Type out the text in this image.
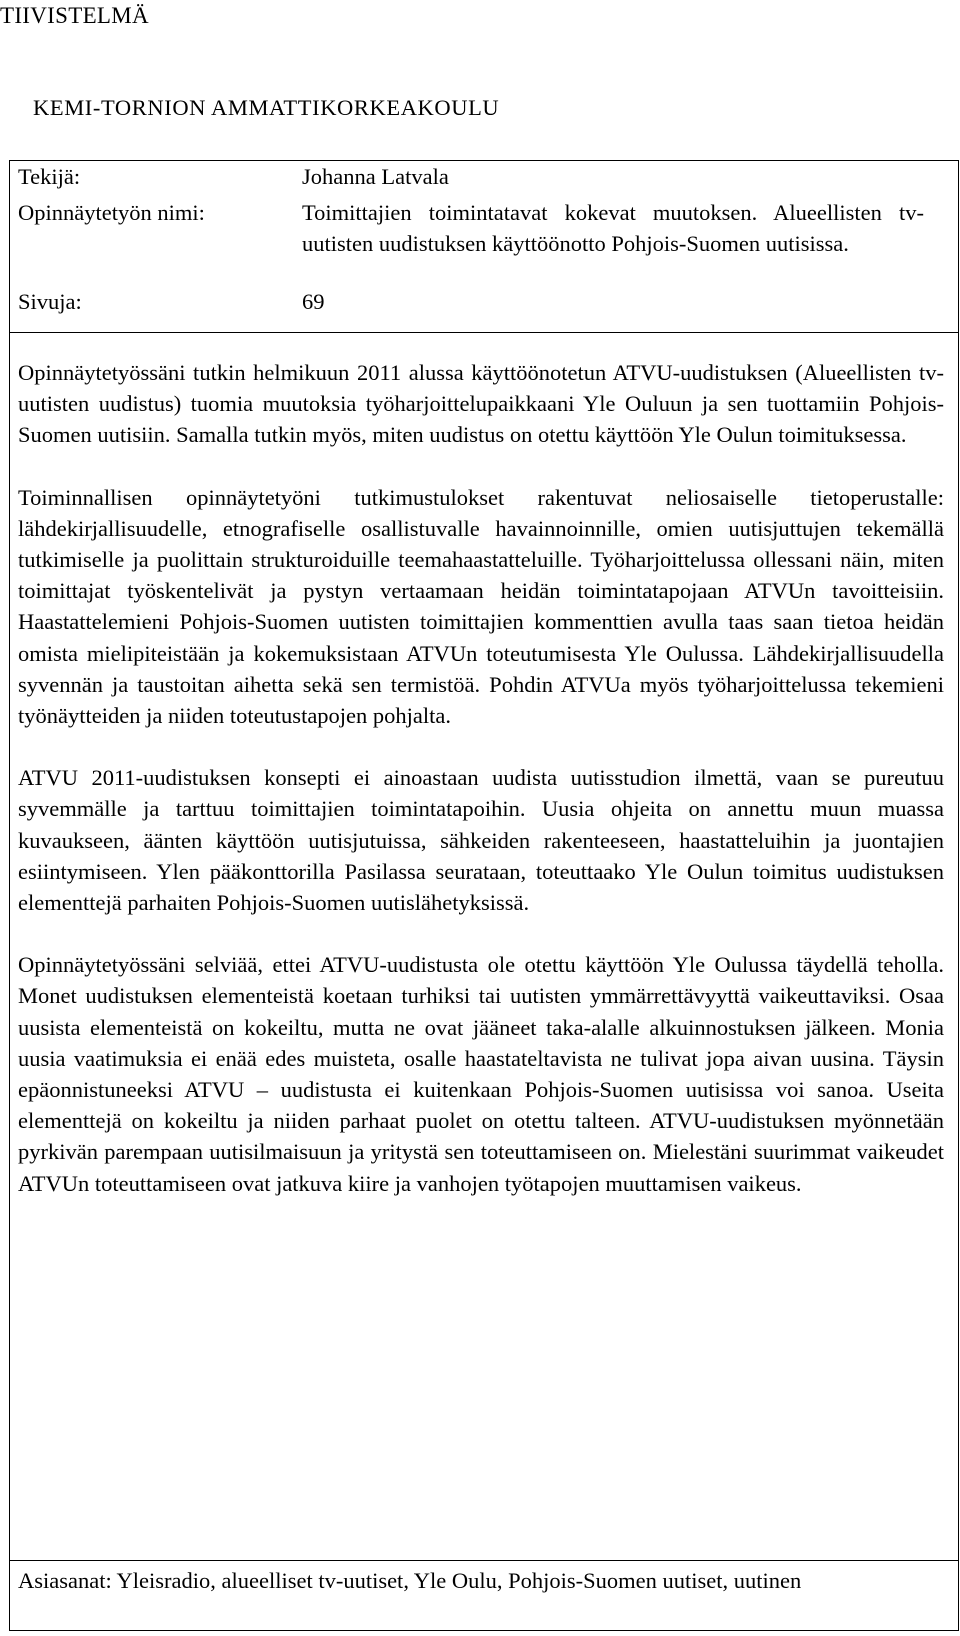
TIIVISTELMÄ
KEMI-TORNION AMMATTIKORKEAKOULU
Tekijä:	Johanna Latvala
Opinnäytetyön nimi:	Toimittajien toimintatavat kokevat muutoksen. Alueellisten tv-uutisten uudistuksen käyttöönotto Pohjois-Suomen uutisissa.
Sivuja:	69

Opinnäytetyössäni tutkin helmikuun 2011 alussa käyttöönotetun ATVU-uudistuksen (Alueellisten tv-uutisten uudistus) tuomia muutoksia työharjoittelupaikkaani Yle Ouluun ja sen tuottamiin Pohjois-Suomen uutisiin. Samalla tutkin myös, miten uudistus on otettu käyttöön Yle Oulun toimituksessa.

Toiminnallisen opinnäytetyöni tutkimustulokset rakentuvat neliosaiselle tietoperustalle: lähdekirjallisuudelle, etnografiselle osallistuvalle havainnoinnille, omien uutisjuttujen tekemällä tutkimiselle ja puolittain strukturoiduille teemahaastatteluille. Työharjoittelussa ollessani näin, miten toimittajat työskentelivät ja pystyn vertaamaan heidän toimintatapojaan ATVUn tavoitteisiin. Haastattelemieni Pohjois-Suomen uutisten toimittajien kommenttien avulla taas saan tietoa heidän omista mielipiteistään ja kokemuksistaan ATVUn toteutumisesta Yle Oulussa. Lähdekirjallisuudella syvennän ja taustoitan aihetta sekä sen termistöä. Pohdin ATVUa myös työharjoittelussa tekemieni työnäytteiden ja niiden toteutustapojen pohjalta.

ATVU 2011-uudistuksen konsepti ei ainoastaan uudista uutisstudion ilmettä, vaan se pureutuu syvemmälle ja tarttuu toimittajien toimintatapoihin. Uusia ohjeita on annettu muun muassa kuvaukseen, äänten käyttöön uutisjutuissa, sähkeiden rakenteeseen, haastatteluihin ja juontajien esiintymiseen. Ylen pääkonttorilla Pasilassa seurataan, toteuttaako Yle Oulun toimitus uudistuksen elementtejä parhaiten Pohjois-Suomen uutislähetyksissä.

Opinnäytetyössäni selviää, ettei ATVU-uudistusta ole otettu käyttöön Yle Oulussa täydellä teholla. Monet uudistuksen elementeistä koetaan turhiksi tai uutisten ymmärrettävyyttä vaikeuttaviksi. Osaa uusista elementeistä on kokeiltu, mutta ne ovat jääneet taka-alalle alkuinnostuksen jälkeen. Monia uusia vaatimuksia ei enää edes muisteta, osalle haastateltavista ne tulivat jopa aivan uusina. Täysin epäonnistuneeksi ATVU – uudistusta ei kuitenkaan Pohjois-Suomen uutisissa voi sanoa. Useita elementtejä on kokeiltu ja niiden parhaat puolet on otettu talteen. ATVU-uudistuksen myönnetään pyrkivän parempaan uutisilmaisuun ja yritystä sen toteuttamiseen on. Mielestäni suurimmat vaikeudet ATVUn toteuttamiseen ovat jatkuva kiire ja vanhojen työtapojen muuttamisen vaikeus.

Asiasanat: Yleisradio, alueelliset tv-uutiset, Yle Oulu, Pohjois-Suomen uutiset, uutinen
